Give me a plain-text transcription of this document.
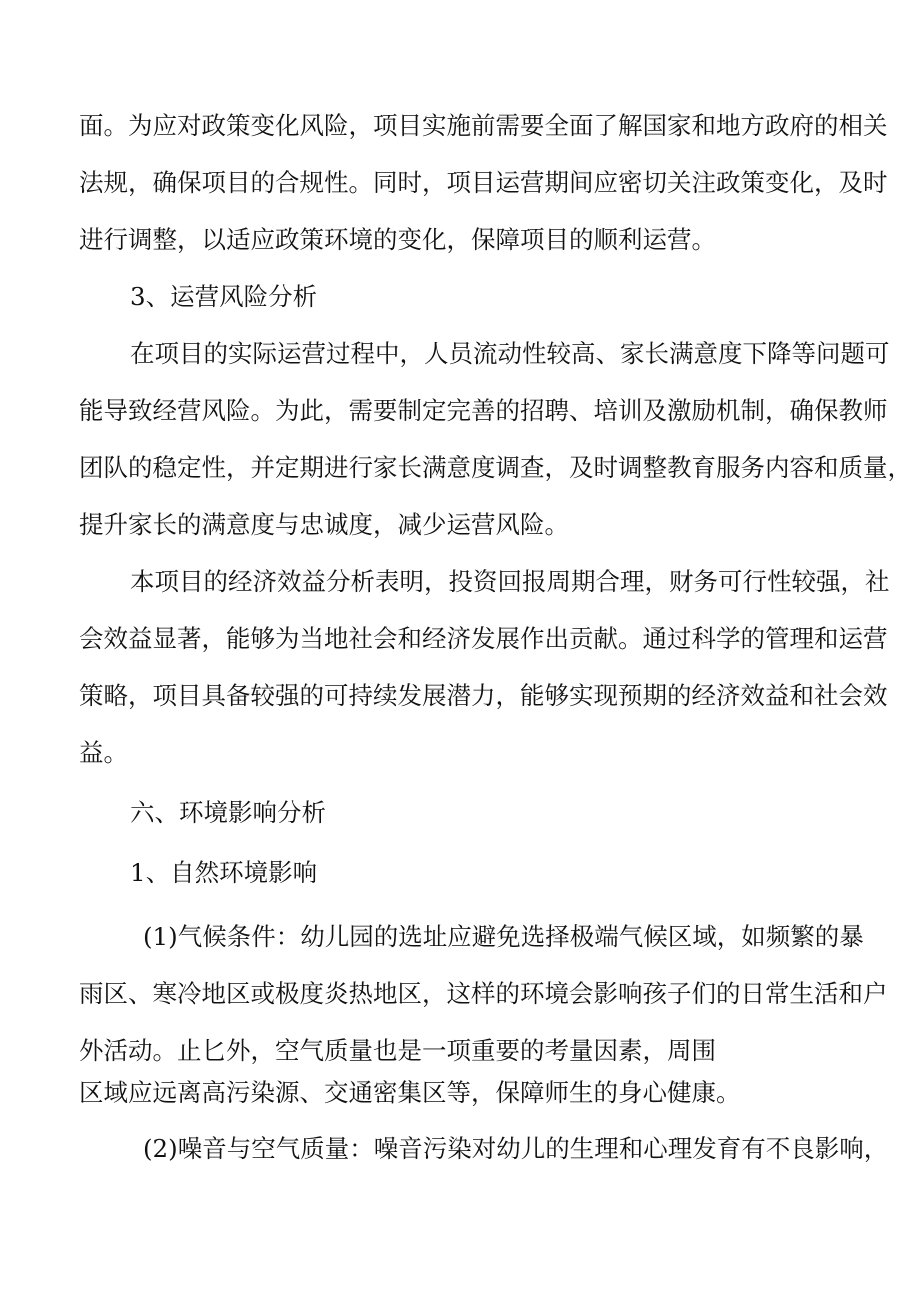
面。为应对政策变化风险，项目实施前需要全面了解国家和地方政府的相关

法规，确保项目的合规性。同时，项目运营期间应密切关注政策变化，及时

进行调整，以适应政策环境的变化，保障项目的顺利运营。

3、运营风险分析

在项目的实际运营过程中，人员流动性较高、家长满意度下降等问题可

能导致经营风险。为此，需要制定完善的招聘、培训及激励机制，确保教师

团队的稳定性，并定期进行家长满意度调查，及时调整教育服务内容和质量，

提升家长的满意度与忠诚度，减少运营风险。

本项目的经济效益分析表明，投资回报周期合理，财务可行性较强，社

会效益显著，能够为当地社会和经济发展作出贡献。通过科学的管理和运营

策略，项目具备较强的可持续发展潜力，能够实现预期的经济效益和社会效

益。

六、环境影响分析

1、自然环境影响

(1)气候条件：幼儿园的选址应避免选择极端气候区域，如频繁的暴

雨区、寒冷地区或极度炎热地区，这样的环境会影响孩子们的日常生活和户

外活动。止匕外，空气质量也是一项重要的考量因素，周围

区域应远离高污染源、交通密集区等，保障师生的身心健康。

(2)噪音与空气质量：噪音污染对幼儿的生理和心理发育有不良影响，
